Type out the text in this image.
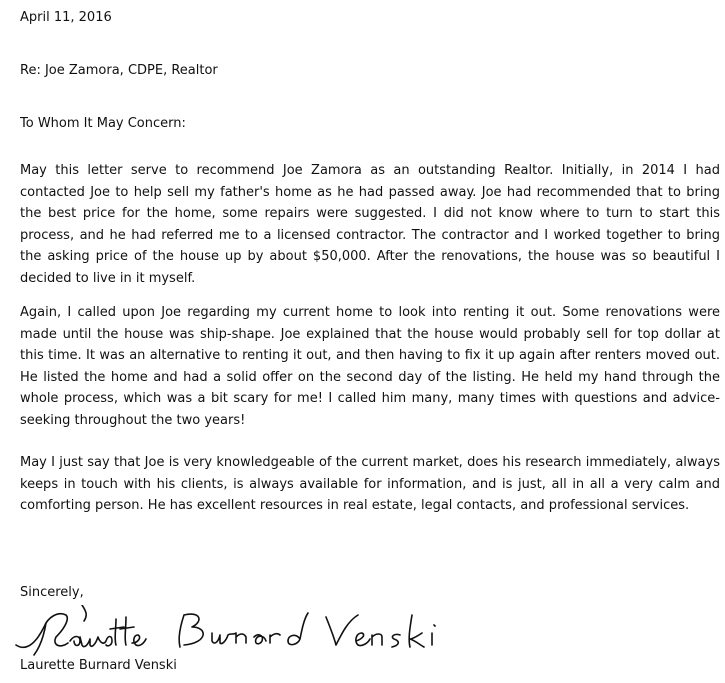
April 11, 2016
Re: Joe Zamora, CDPE, Realtor
To Whom It May Concern:

May this letter serve to recommend Joe Zamora as an outstanding Realtor. Initially, in 2014 I had contacted Joe to help sell my father's home as he had passed away. Joe had recommended that to bring the best price for the home, some repairs were suggested. I did not know where to turn to start this process, and he had referred me to a licensed contractor. The contractor and I worked together to bring the asking price of the house up by about $50,000. After the renovations, the house was so beautiful I decided to live in it myself.

Again, I called upon Joe regarding my current home to look into renting it out. Some renovations were made until the house was ship-shape. Joe explained that the house would probably sell for top dollar at this time. It was an alternative to renting it out, and then having to fix it up again after renters moved out. He listed the home and had a solid offer on the second day of the listing. He held my hand through the whole process, which was a bit scary for me! I called him many, many times with questions and advice-seeking throughout the two years!

May I just say that Joe is very knowledgeable of the current market, does his research immediately, always keeps in touch with his clients, is always available for information, and is just, all in all a very calm and comforting person. He has excellent resources in real estate, legal contacts, and professional services.

Sincerely,
Laurette Burnard Venski
